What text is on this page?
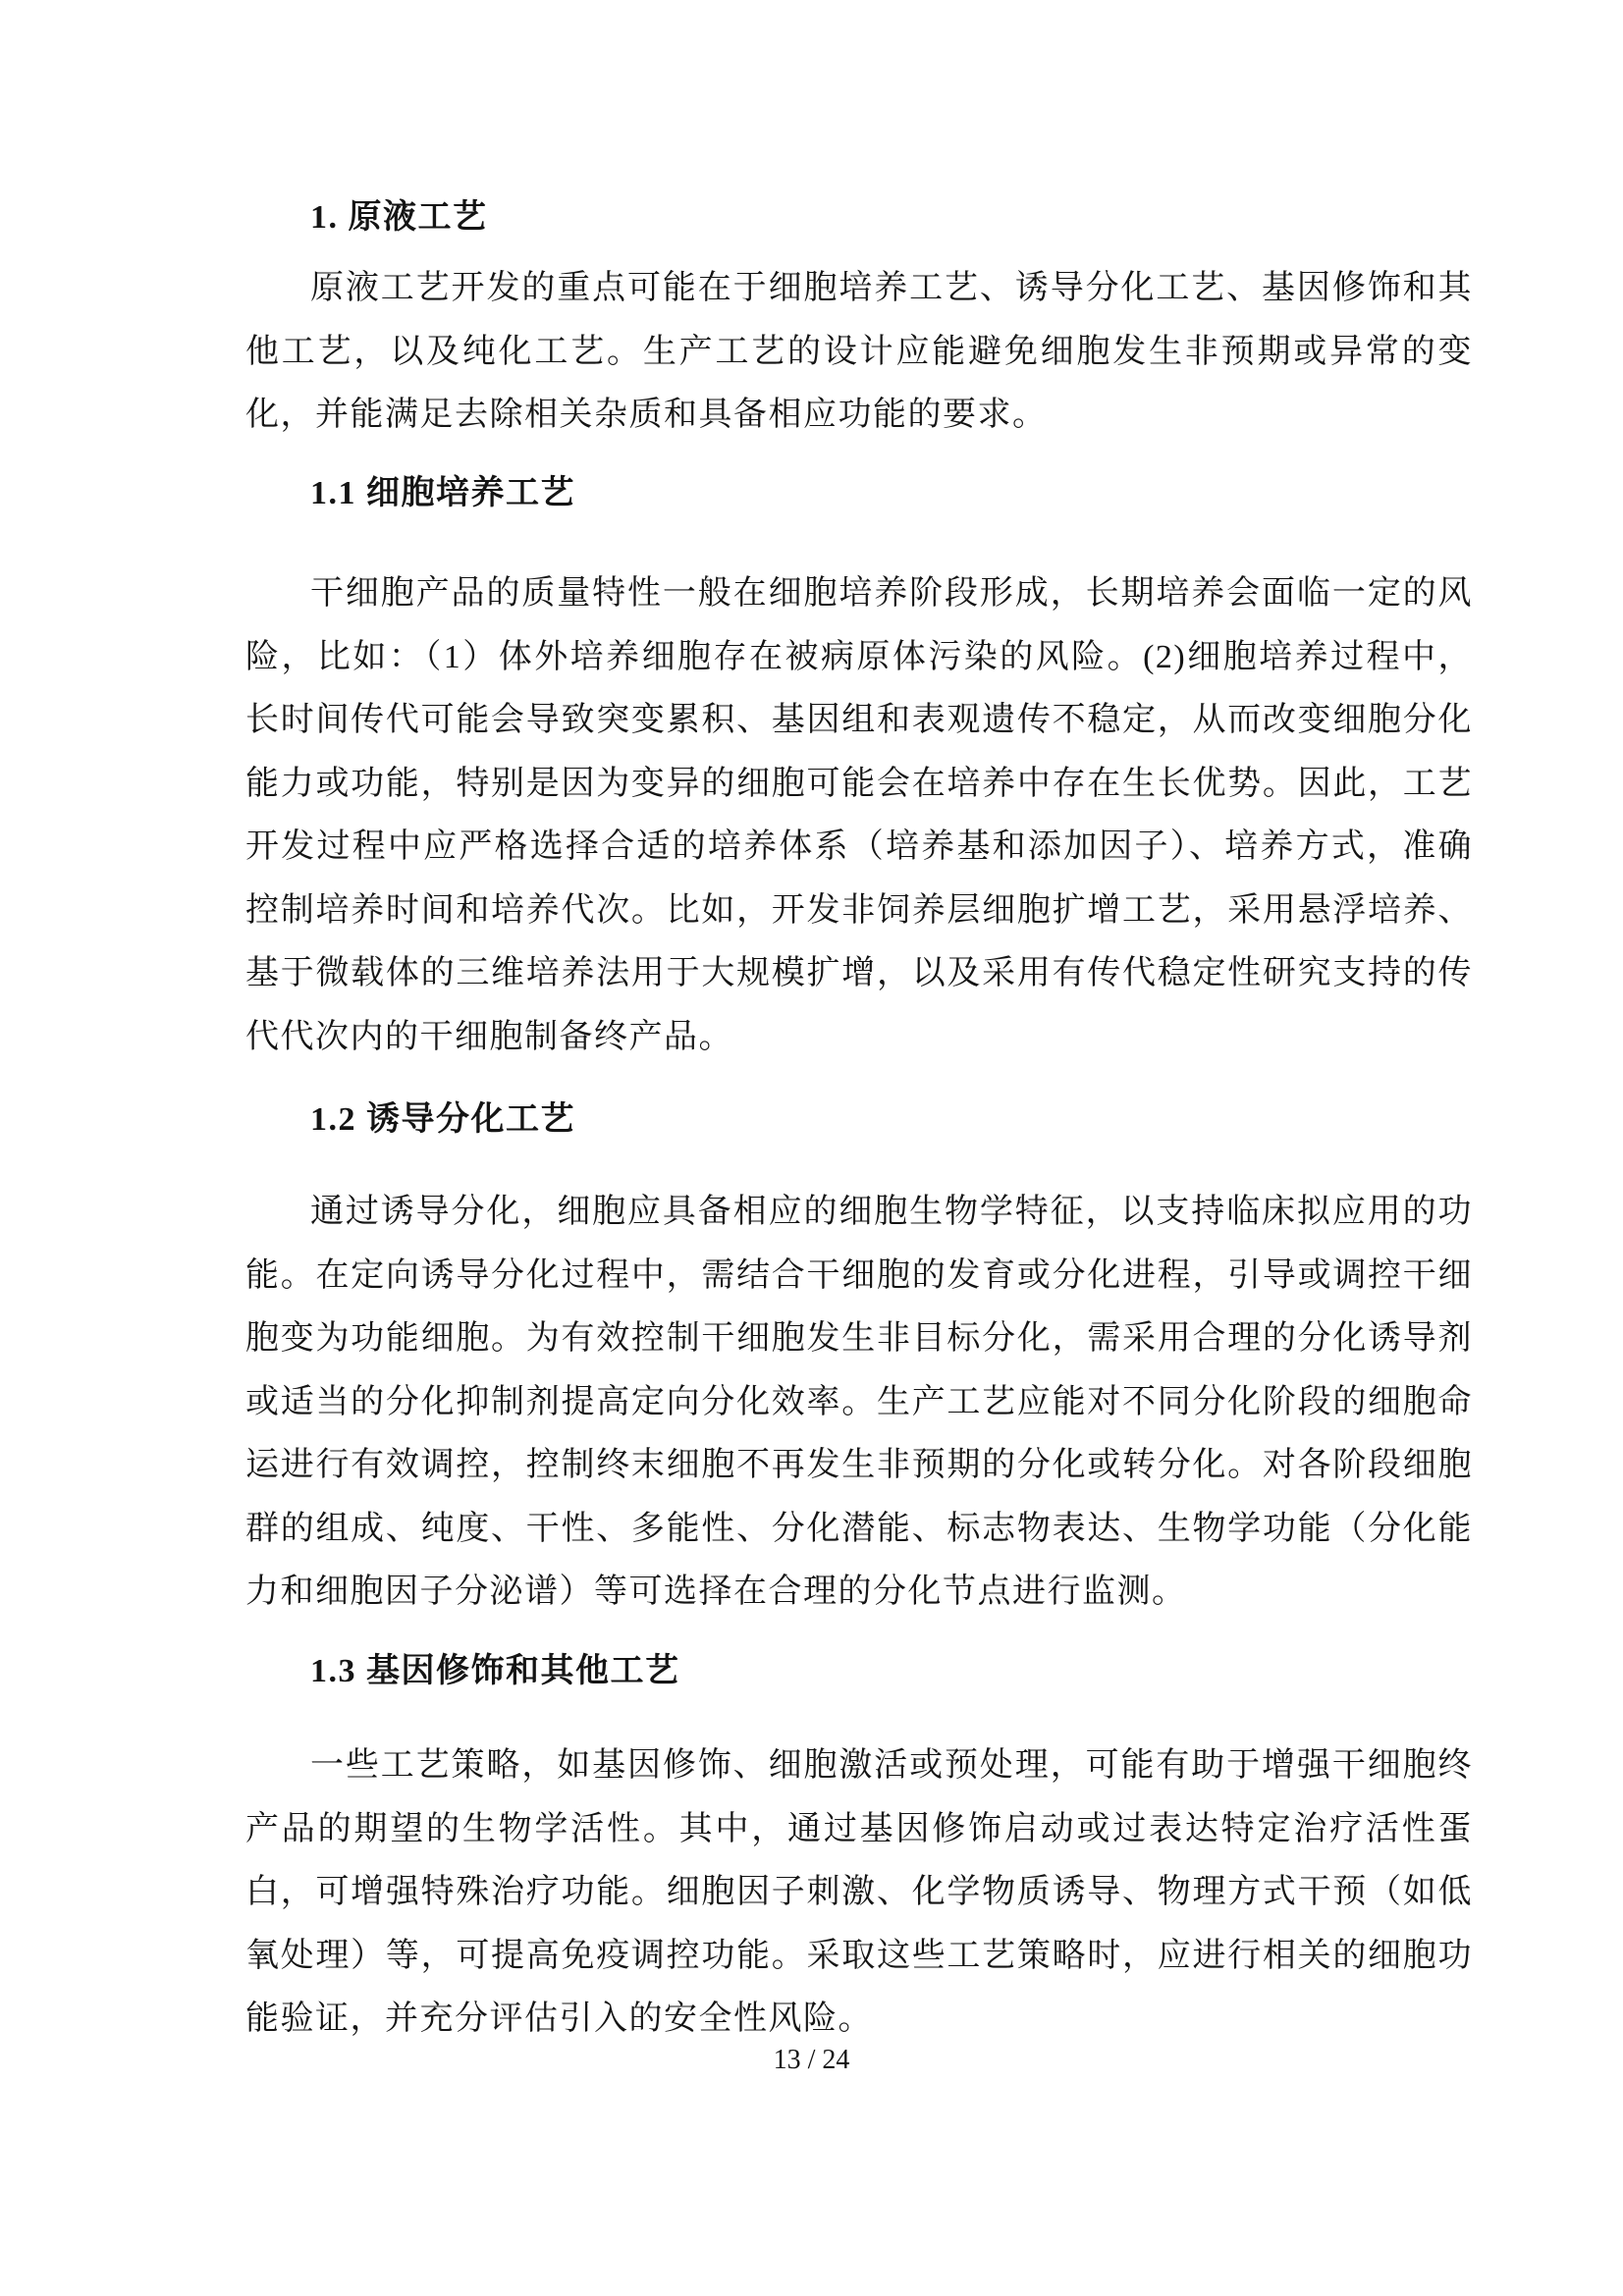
1. 原液工艺

原液工艺开发的重点可能在于细胞培养工艺、诱导分化工艺、基因修饰和其他工艺，以及纯化工艺。生产工艺的设计应能避免细胞发生非预期或异常的变化，并能满足去除相关杂质和具备相应功能的要求。

1.1 细胞培养工艺

干细胞产品的质量特性一般在细胞培养阶段形成，长期培养会面临一定的风险，比如：（1）体外培养细胞存在被病原体污染的风险。(2)细胞培养过程中，长时间传代可能会导致突变累积、基因组和表观遗传不稳定，从而改变细胞分化能力或功能，特别是因为变异的细胞可能会在培养中存在生长优势。因此，工艺开发过程中应严格选择合适的培养体系（培养基和添加因子）、培养方式，准确控制培养时间和培养代次。比如，开发非饲养层细胞扩增工艺，采用悬浮培养、基于微载体的三维培养法用于大规模扩增，以及采用有传代稳定性研究支持的传代代次内的干细胞制备终产品。

1.2 诱导分化工艺

通过诱导分化，细胞应具备相应的细胞生物学特征，以支持临床拟应用的功能。在定向诱导分化过程中，需结合干细胞的发育或分化进程，引导或调控干细胞变为功能细胞。为有效控制干细胞发生非目标分化，需采用合理的分化诱导剂或适当的分化抑制剂提高定向分化效率。生产工艺应能对不同分化阶段的细胞命运进行有效调控，控制终末细胞不再发生非预期的分化或转分化。对各阶段细胞群的组成、纯度、干性、多能性、分化潜能、标志物表达、生物学功能（分化能力和细胞因子分泌谱）等可选择在合理的分化节点进行监测。

1.3 基因修饰和其他工艺

一些工艺策略，如基因修饰、细胞激活或预处理，可能有助于增强干细胞终产品的期望的生物学活性。其中，通过基因修饰启动或过表达特定治疗活性蛋白，可增强特殊治疗功能。细胞因子刺激、化学物质诱导、物理方式干预（如低氧处理）等，可提高免疫调控功能。采取这些工艺策略时，应进行相关的细胞功能验证，并充分评估引入的安全性风险。

13 / 24
